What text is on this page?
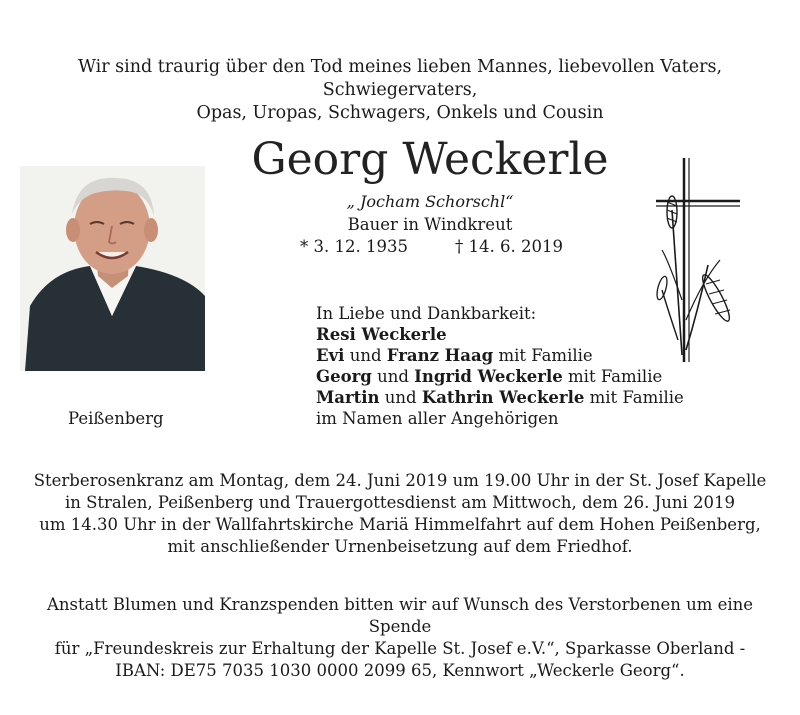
Wir sind traurig über den Tod meines lieben Mannes, liebevollen Vaters, Schwiegervaters,
Opas, Uropas, Schwagers, Onkels und Cousin
Georg Weckerle
„ Jocham Schorschl“
Bauer in Windkreut
* 3. 12. 1935	† 14. 6. 2019
Peißenberg
In Liebe und Dankbarkeit:
Resi Weckerle
Evi und Franz Haag mit Familie
Georg und Ingrid Weckerle mit Familie
Martin und Kathrin Weckerle mit Familie
im Namen aller Angehörigen
Sterberosenkranz am Montag, dem 24. Juni 2019 um 19.00 Uhr in der St. Josef Kapelle
in Stralen, Peißenberg und Trauergottesdienst am Mittwoch, dem 26. Juni 2019
um 14.30 Uhr in der Wallfahrtskirche Mariä Himmelfahrt auf dem Hohen Peißenberg,
mit anschließender Urnenbeisetzung auf dem Friedhof.
Anstatt Blumen und Kranzspenden bitten wir auf Wunsch des Verstorbenen um eine Spende
für „Freundeskreis zur Erhaltung der Kapelle St. Josef e.V.“, Sparkasse Oberland -
IBAN: DE75 7035 1030 0000 2099 65, Kennwort „Weckerle Georg“.
